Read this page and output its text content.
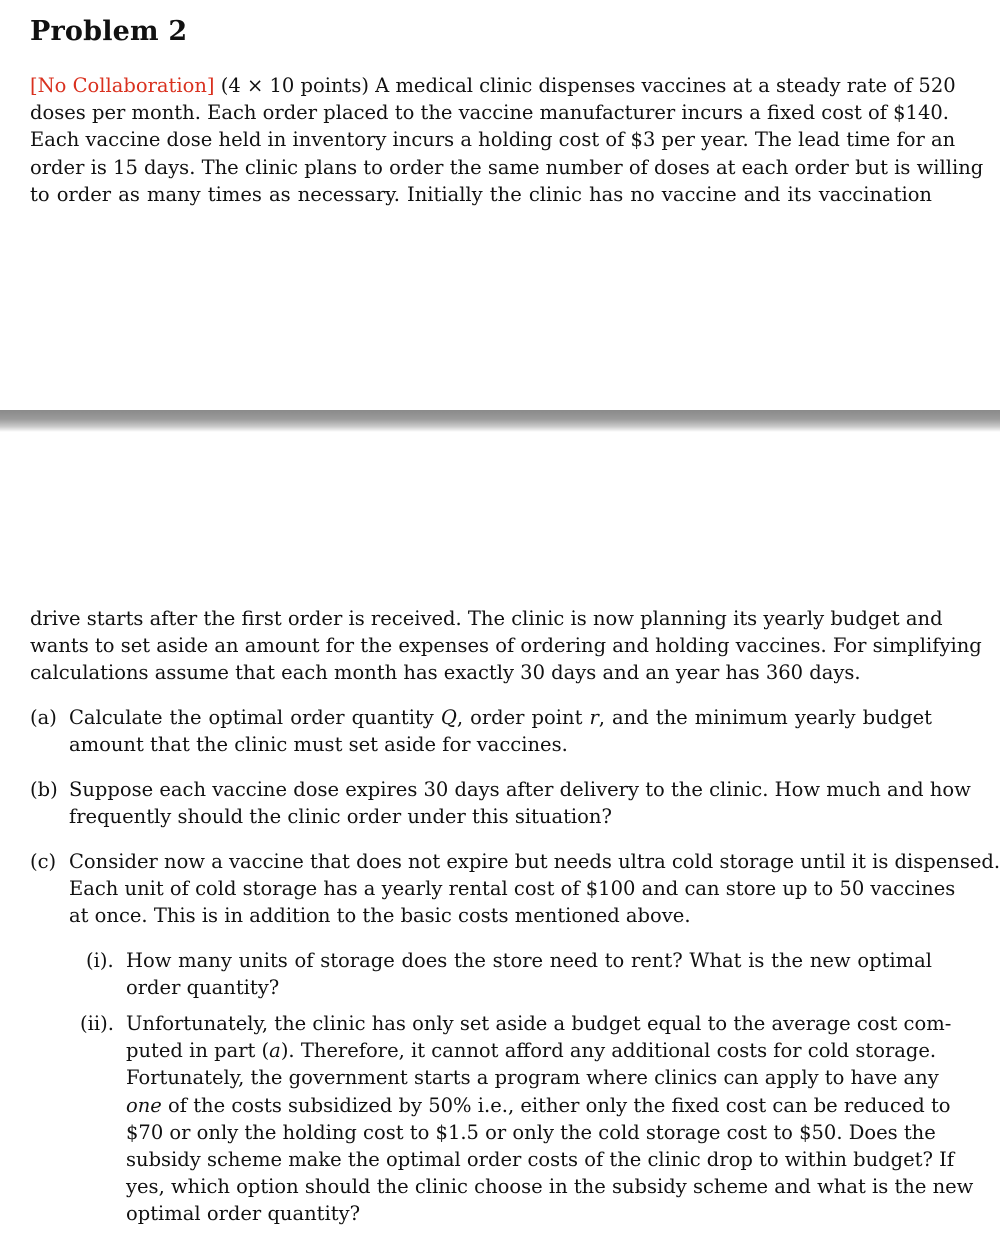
Problem 2
[No Collaboration] (4 × 10 points) A medical clinic dispenses vaccines at a steady rate of 520
doses per month. Each order placed to the vaccine manufacturer incurs a fixed cost of $140.
Each vaccine dose held in inventory incurs a holding cost of $3 per year. The lead time for an
order is 15 days. The clinic plans to order the same number of doses at each order but is willing
to order as many times as necessary. Initially the clinic has no vaccine and its vaccination
drive starts after the first order is received. The clinic is now planning its yearly budget and
wants to set aside an amount for the expenses of ordering and holding vaccines. For simplifying
calculations assume that each month has exactly 30 days and an year has 360 days.
(a) Calculate the optimal order quantity Q, order point r, and the minimum yearly budget
amount that the clinic must set aside for vaccines.
(b) Suppose each vaccine dose expires 30 days after delivery to the clinic. How much and how
frequently should the clinic order under this situation?
(c) Consider now a vaccine that does not expire but needs ultra cold storage until it is dispensed.
Each unit of cold storage has a yearly rental cost of $100 and can store up to 50 vaccines
at once. This is in addition to the basic costs mentioned above.
(i). How many units of storage does the store need to rent? What is the new optimal
order quantity?
(ii). Unfortunately, the clinic has only set aside a budget equal to the average cost com-
puted in part (a). Therefore, it cannot afford any additional costs for cold storage.
Fortunately, the government starts a program where clinics can apply to have any
one of the costs subsidized by 50% i.e., either only the fixed cost can be reduced to
$70 or only the holding cost to $1.5 or only the cold storage cost to $50. Does the
subsidy scheme make the optimal order costs of the clinic drop to within budget? If
yes, which option should the clinic choose in the subsidy scheme and what is the new
optimal order quantity?
